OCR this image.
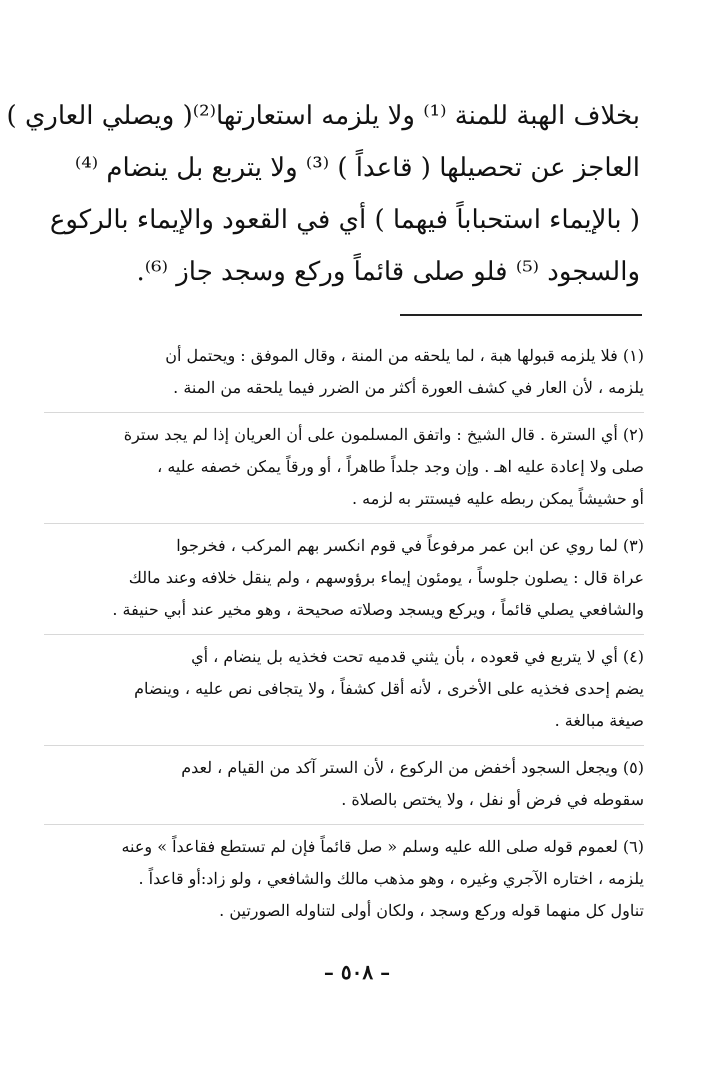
بخلاف الهبة للمنة ⁽¹⁾ ولا يلزمه استعارتها⁽²⁾( ويصلي العاري )
العاجز عن تحصيلها ( قاعداً ) ⁽³⁾ ولا يتربع بل ينضام ⁽⁴⁾
( بالإيماء استحباباً فيهما ) أي في القعود والإيماء بالركوع
والسجود ⁽⁵⁾ فلو صلى قائماً وركع وسجد جاز ⁽⁶⁾.
(١) فلا يلزمه قبولها هبة ، لما يلحقه من المنة ، وقال الموفق : ويحتمل أن
يلزمه ، لأن العار في كشف العورة أكثر من الضرر فيما يلحقه من المنة .
(٢) أي السترة . قال الشيخ : واتفق المسلمون على أن العريان إذا لم يجد سترة
صلى ولا إعادة عليه اهـ . وإن وجد جلداً طاهراً ، أو ورقاً يمكن خصفه عليه ،
أو حشيشاً يمكن ربطه عليه فيستتر به لزمه .
(٣) لما روي عن ابن عمر مرفوعاً في قوم انكسر بهم المركب ، فخرجوا
عراة قال : يصلون جلوساً ، يومئون إيماء برؤوسهم ، ولم ينقل خلافه وعند مالك
والشافعي يصلي قائماً ، ويركع ويسجد وصلاته صحيحة ، وهو مخير عند أبي حنيفة .
(٤) أي لا يتربع في قعوده ، بأن يثني قدميه تحت فخذيه بل ينضام ، أي
يضم إحدى فخذيه على الأخرى ، لأنه أقل كشفاً ، ولا يتجافى نص عليه ، وينضام
صيغة مبالغة .
(٥) ويجعل السجود أخفض من الركوع ، لأن الستر آكد من القيام ، لعدم
سقوطه في فرض أو نفل ، ولا يختص بالصلاة .
(٦) لعموم قوله صلى الله عليه وسلم « صل قائماً فإن لم تستطع فقاعداً » وعنه
يلزمه ، اختاره الآجري وغيره ، وهو مذهب مالك والشافعي ، ولو زاد:أو قاعداً .
تناول كل منهما قوله وركع وسجد ، ولكان أولى لتناوله الصورتين .
– ٥٠٨ –
